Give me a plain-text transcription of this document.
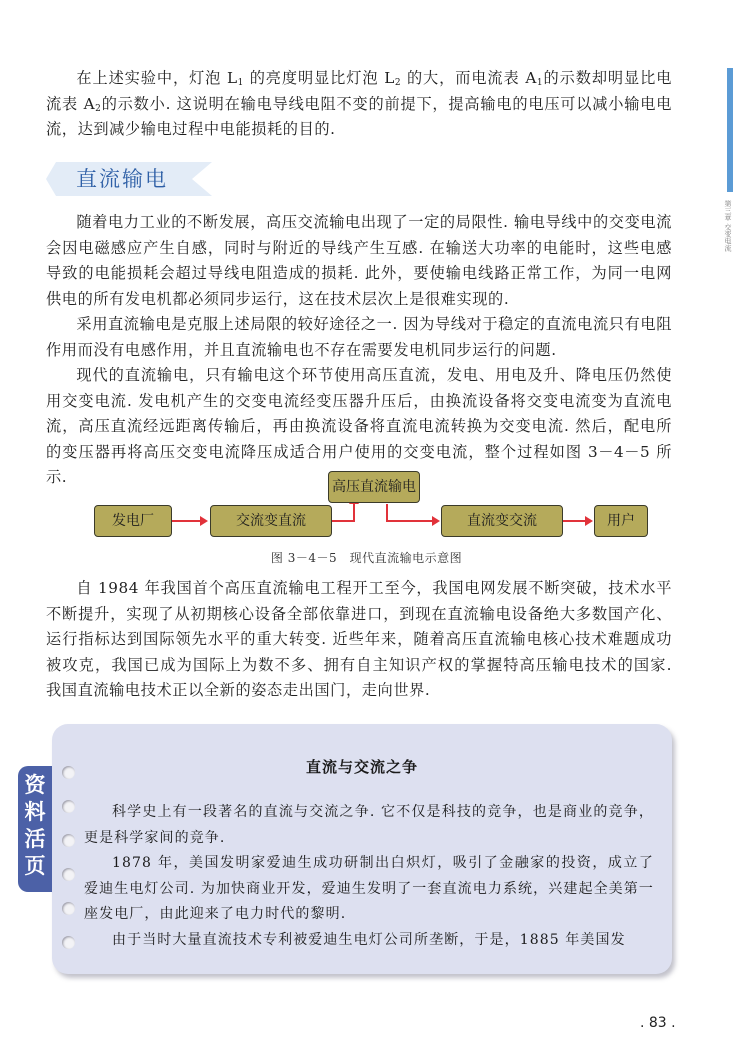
第三章 交变电流

在上述实验中，灯泡 $L_1$ 的亮度明显比灯泡 $L_2$ 的大，而电流表 $A_1$的示数却明显比电流表 $A_2$的示数小. 这说明在输电导线电阻不变的前提下，提高输电的电压可以减小输电电流，达到减少输电过程中电能损耗的目的.

直流输电

随着电力工业的不断发展，高压交流输电出现了一定的局限性. 输电导线中的交变电流会因电磁感应产生自感，同时与附近的导线产生互感. 在输送大功率的电能时，这些电感导致的电能损耗会超过导线电阻造成的损耗. 此外，要使输电线路正常工作，为同一电网供电的所有发电机都必须同步运行，这在技术层次上是很难实现的.

采用直流输电是克服上述局限的较好途径之一. 因为导线对于稳定的直流电流只有电阻作用而没有电感作用，并且直流输电也不存在需要发电机同步运行的问题.

现代的直流输电，只有输电这个环节使用高压直流，发电、用电及升、降电压仍然使用交变电流. 发电机产生的交变电流经变压器升压后，由换流设备将交变电流变为直流电流，高压直流经远距离传输后，再由换流设备将直流电流转换为交变电流. 然后，配电所的变压器再将高压交变电流降压成适合用户使用的交变电流，整个过程如图 3－4－5 所示.

发电厂	交流变直流
高压直流输电
直流变交流	用户
图 3－4－5　现代直流输电示意图

自 1984 年我国首个高压直流输电工程开工至今，我国电网发展不断突破，技术水平不断提升，实现了从初期核心设备全部依靠进口，到现在直流输电设备绝大多数国产化、运行指标达到国际领先水平的重大转变. 近些年来，随着高压直流输电核心技术难题成功被攻克，我国已成为国际上为数不多、拥有自主知识产权的掌握特高压输电技术的国家. 我国直流输电技术正以全新的姿态走出国门，走向世界.

资料活页
直流与交流之争

科学史上有一段著名的直流与交流之争. 它不仅是科技的竞争，也是商业的竞争，更是科学家间的竞争.

1878 年，美国发明家爱迪生成功研制出白炽灯，吸引了金融家的投资，成立了爱迪生电灯公司. 为加快商业开发，爱迪生发明了一套直流电力系统，兴建起全美第一座发电厂，由此迎来了电力时代的黎明.

由于当时大量直流技术专利被爱迪生电灯公司所垄断，于是，1885 年美国发

. 83 .
